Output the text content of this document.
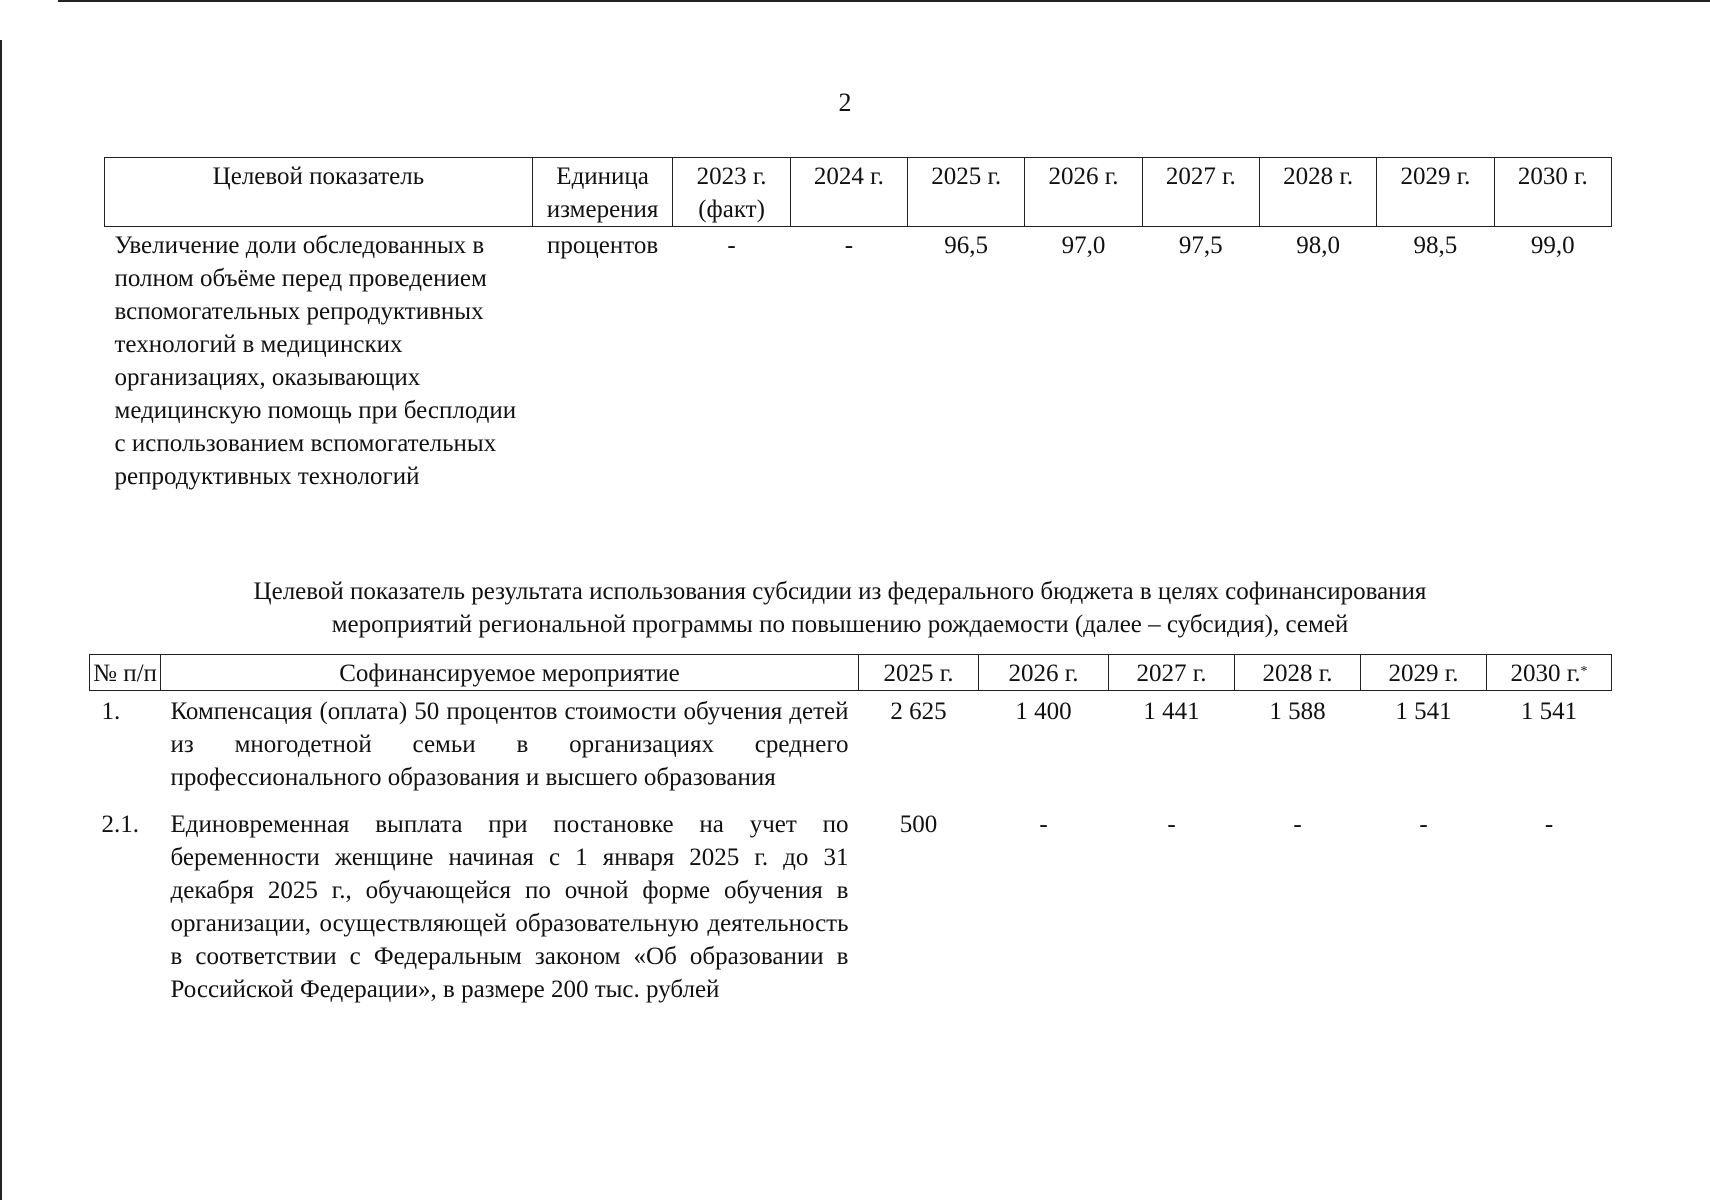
2
Целевой показатель	Единица измерения	2023 г. (факт)	2024 г.	2025 г.	2026 г.	2027 г.	2028 г.	2029 г.	2030 г.
Увеличение доли обследованных в полном объёме перед проведением вспомогательных репродуктивных технологий в медицинских организациях, оказывающих медицинскую помощь при бесплодии с использованием вспомогательных репродуктивных технологий	процентов	-	-	96,5	97,0	97,5	98,0	98,5	99,0
Целевой показатель результата использования субсидии из федерального бюджета в целях софинансирования
мероприятий региональной программы по повышению рождаемости (далее – субсидия), семей
№ п/п	Софинансируемое мероприятие	2025 г.	2026 г.	2027 г.	2028 г.	2029 г.	2030 г.*
1.	Компенсация (оплата) 50 процентов стоимости обучения детей из многодетной семьи в организациях среднего профессионального образования и высшего образования	2 625	1 400	1 441	1 588	1 541	1 541
2.1.	Единовременная выплата при постановке на учет по беременности женщине начиная с 1 января 2025 г. до 31 декабря 2025 г., обучающейся по очной форме обучения в организации, осуществляющей образовательную деятельность в соответствии с Федеральным законом «Об образовании в Российской Федерации», в размере 200 тыс. рублей	500	-	-	-	-	-
